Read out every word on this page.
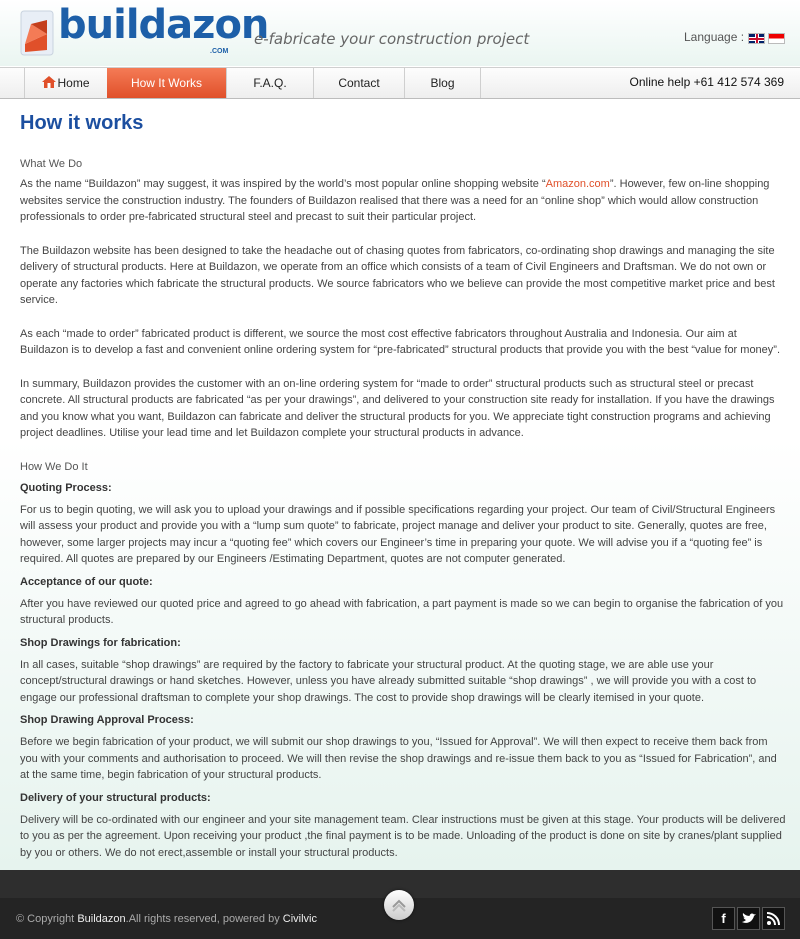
buildazon
.COM
e-fabricate your construction project	Language :
Home	How It Works	F.A.Q.	Contact	Blog	Online help +61 412 574 369
How it works
What We Do

As the name “Buildazon” may suggest, it was inspired by the world’s most popular online shopping website “Amazon.com”. However, few on-line shopping websites service the construction industry. The founders of Buildazon realised that there was a need for an “online shop” which would allow construction professionals to order pre-fabricated structural steel and precast to suit their particular project.

The Buildazon website has been designed to take the headache out of chasing quotes from fabricators, co-ordinating shop drawings and managing the site delivery of structural products. Here at Buildazon, we operate from an office which consists of a team of Civil Engineers and Draftsman. We do not own or operate any factories which fabricate the structural products. We source fabricators who we believe can provide the most competitive market price and best service.

As each “made to order” fabricated product is different, we source the most cost effective fabricators throughout Australia and Indonesia. Our aim at Buildazon is to develop a fast and convenient online ordering system for “pre-fabricated” structural products that provide you with the best “value for money”.

In summary, Buildazon provides the customer with an on-line ordering system for “made to order” structural products such as structural steel or precast concrete. All structural products are fabricated “as per your drawings”, and delivered to your construction site ready for installation. If you have the drawings and you know what you want, Buildazon can fabricate and deliver the structural products for you. We appreciate tight construction programs and achieving project deadlines. Utilise your lead time and let Buildazon complete your structural products in advance.

How We Do It
Quoting Process:

For us to begin quoting, we will ask you to upload your drawings and if possible specifications regarding your project. Our team of Civil/Structural Engineers will assess your product and provide you with a “lump sum quote” to fabricate, project manage and deliver your product to site. Generally, quotes are free, however, some larger projects may incur a “quoting fee” which covers our Engineer’s time in preparing your quote. We will advise you if a “quoting fee” is required. All quotes are prepared by our Engineers /Estimating Department, quotes are not computer generated.

Acceptance of our quote:

After you have reviewed our quoted price and agreed to go ahead with fabrication, a part payment is made so we can begin to organise the fabrication of you structural products.

Shop Drawings for fabrication:

In all cases, suitable “shop drawings” are required by the factory to fabricate your structural product. At the quoting stage, we are able use your concept/structural drawings or hand sketches. However, unless you have already submitted suitable “shop drawings” , we will provide you with a cost to engage our professional draftsman to complete your shop drawings. The cost to provide shop drawings will be clearly itemised in your quote.

Shop Drawing Approval Process:

Before we begin fabrication of your product, we will submit our shop drawings to you, “Issued for Approval”. We will then expect to receive them back from you with your comments and authorisation to proceed. We will then revise the shop drawings and re-issue them back to you as “Issued for Fabrication”, and at the same time, begin fabrication of your structural products.

Delivery of your structural products:

Delivery will be co-ordinated with our engineer and your site management team. Clear instructions must be given at this stage. Your products will be delivered to you as per the agreement. Upon receiving your product ,the final payment is to be made. Unloading of the product is done on site by cranes/plant supplied by you or others. We do not erect,assemble or install your structural products.

© Copyright Buildazon.All rights reserved, powered by Civilvic	f
